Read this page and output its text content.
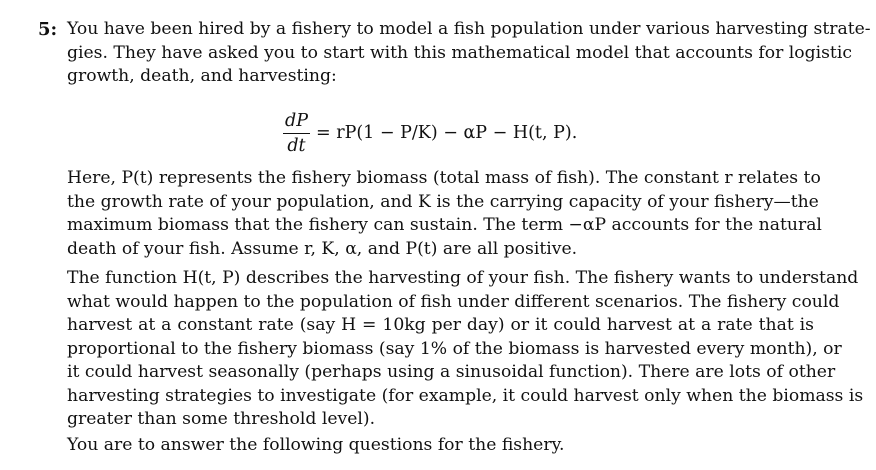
5: You have been hired by a fishery to model a fish population under various harvesting strate-
gies. They have asked you to start with this mathematical model that accounts for logistic
growth, death, and harvesting:
$\frac{dP}{dt} = rP(1 - P/K) - \alpha P - H(t$, P).
Here, P(t) represents the fishery biomass (total mass of fish). The constant r relates to
the growth rate of your population, and K is the carrying capacity of your fishery—the
maximum biomass that the fishery can sustain. The term −αP accounts for the natural
death of your fish. Assume r, K, α, and P(t) are all positive.
The function H(t, P) describes the harvesting of your fish. The fishery wants to understand
what would happen to the population of fish under different scenarios. The fishery could
harvest at a constant rate (say H = 10kg per day) or it could harvest at a rate that is
proportional to the fishery biomass (say 1% of the biomass is harvested every month), or
it could harvest seasonally (perhaps using a sinusoidal function). There are lots of other
harvesting strategies to investigate (for example, it could harvest only when the biomass is
greater than some threshold level).
You are to answer the following questions for the fishery.
